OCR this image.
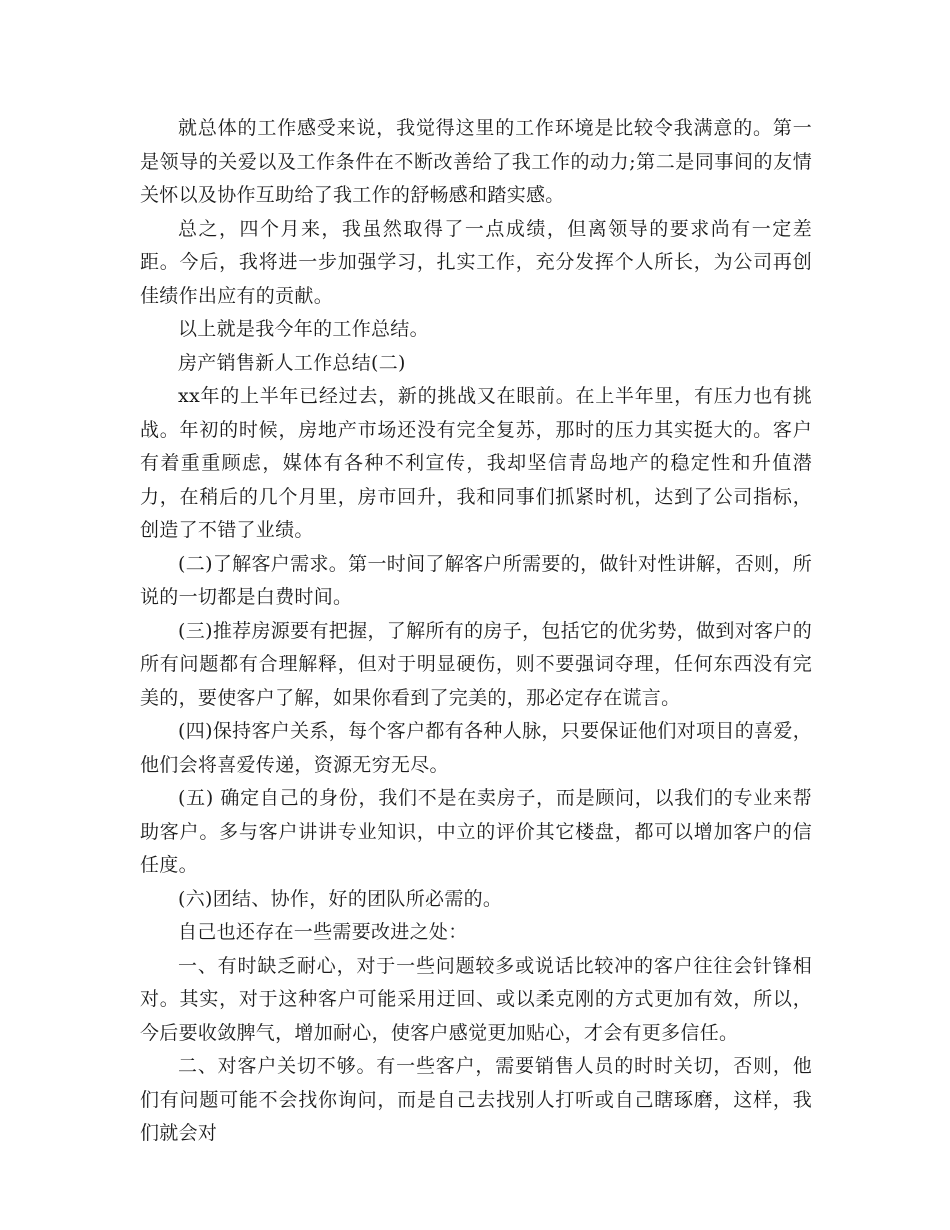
就总体的工作感受来说，我觉得这里的工作环境是比较令我满意的。第一是领导的关爱以及工作条件在不断改善给了我工作的动力;第二是同事间的友情关怀以及协作互助给了我工作的舒畅感和踏实感。

总之，四个月来，我虽然取得了一点成绩，但离领导的要求尚有一定差距。今后，我将进一步加强学习，扎实工作，充分发挥个人所长，为公司再创佳绩作出应有的贡献。

以上就是我今年的工作总结。

房产销售新人工作总结(二)

xx年的上半年已经过去，新的挑战又在眼前。在上半年里，有压力也有挑战。年初的时候，房地产市场还没有完全复苏，那时的压力其实挺大的。客户有着重重顾虑，媒体有各种不利宣传，我却坚信青岛地产的稳定性和升值潜力，在稍后的几个月里，房市回升，我和同事们抓紧时机，达到了公司指标，创造了不错了业绩。

(二)了解客户需求。第一时间了解客户所需要的，做针对性讲解，否则，所说的一切都是白费时间。

(三)推荐房源要有把握，了解所有的房子，包括它的优劣势，做到对客户的所有问题都有合理解释，但对于明显硬伤，则不要强词夺理，任何东西没有完美的，要使客户了解，如果你看到了完美的，那必定存在谎言。

(四)保持客户关系，每个客户都有各种人脉，只要保证他们对项目的喜爱，他们会将喜爱传递，资源无穷无尽。

(五) 确定自己的身份，我们不是在卖房子，而是顾问，以我们的专业来帮助客户。多与客户讲讲专业知识，中立的评价其它楼盘，都可以增加客户的信任度。

(六)团结、协作，好的团队所必需的。

自己也还存在一些需要改进之处：

一、有时缺乏耐心，对于一些问题较多或说话比较冲的客户往往会针锋相对。其实，对于这种客户可能采用迂回、或以柔克刚的方式更加有效，所以，今后要收敛脾气，增加耐心，使客户感觉更加贴心，才会有更多信任。

二、对客户关切不够。有一些客户，需要销售人员的时时关切，否则，他们有问题可能不会找你询问，而是自己去找别人打听或自己瞎琢磨，这样，我们就会对
